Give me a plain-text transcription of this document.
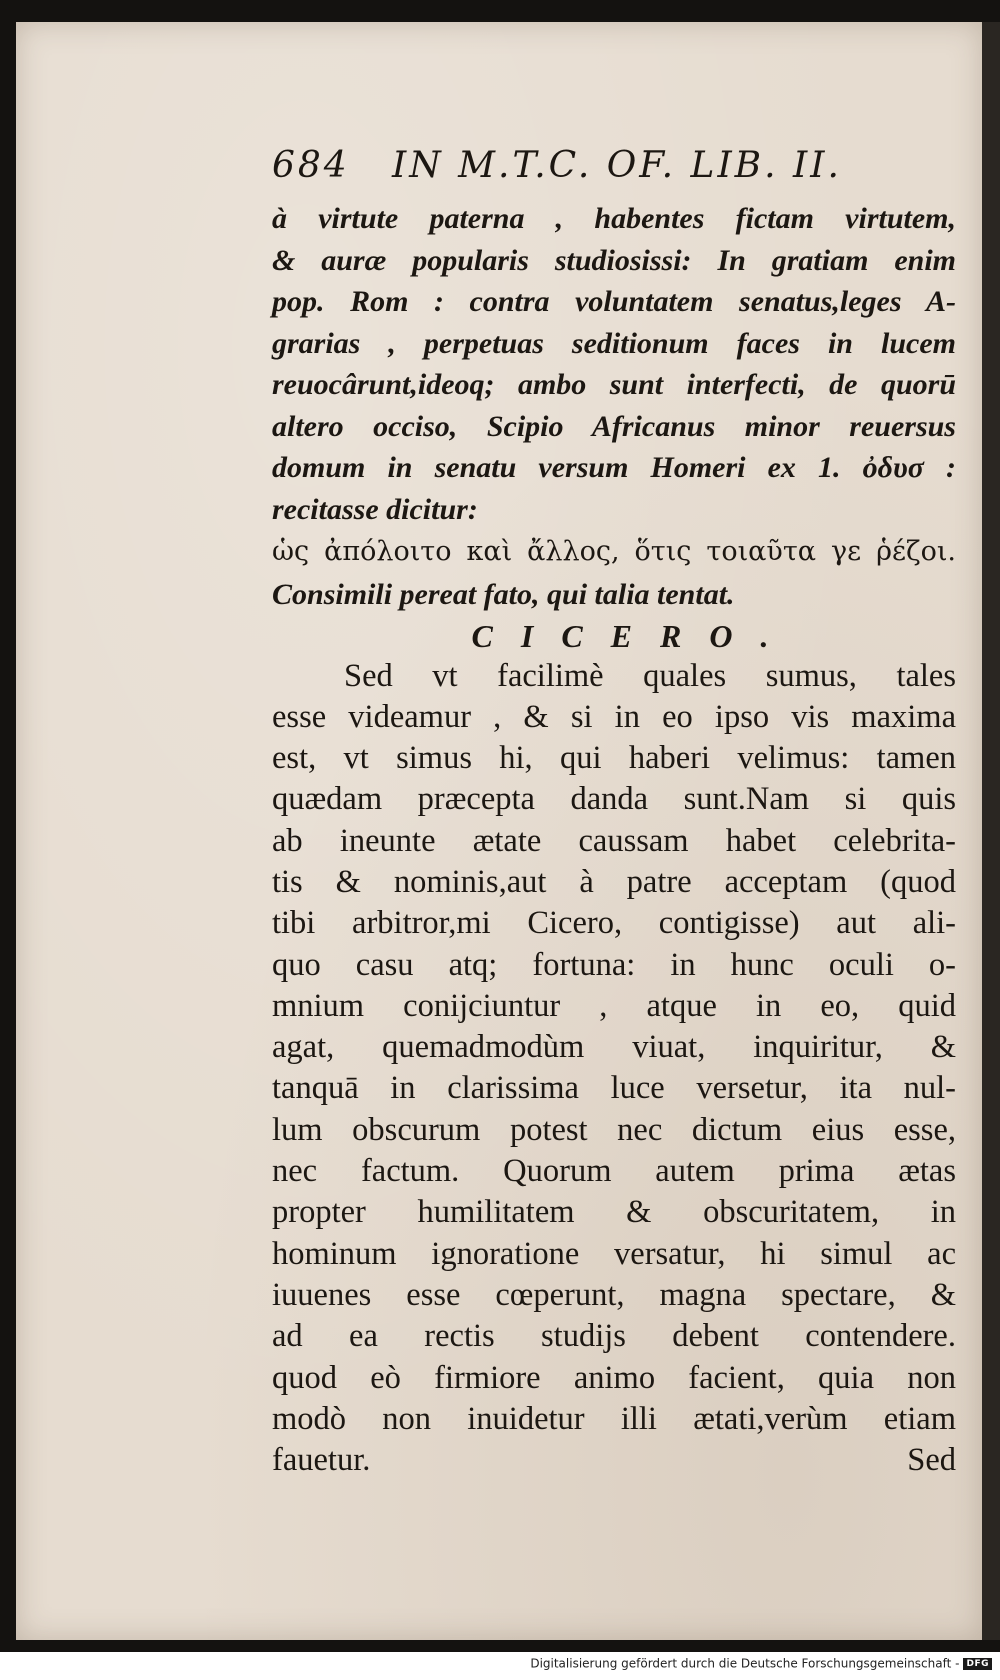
684 IN M.T.C. OF. LIB. II.
à virtute paterna , habentes fictam virtutem,
& auræ popularis studiosissi: In gratiam enim
pop. Rom : contra voluntatem senatus,leges A-
grarias , perpetuas seditionum faces in lucem
reuocârunt,ideoq; ambo sunt interfecti, de quorū
altero occiso, Scipio Africanus minor reuersus
domum in senatu versum Homeri ex 1. ὀδυσ :
recitasse dicitur:
ὡς ἀπόλοιτο καὶ ἄλλος, ὅτις τοιαῦτα γε ῥέζοι.
Consimili pereat fato, qui talia tentat.
CICERO.
Sed vt facilimè quales sumus, tales
esse videamur , & si in eo ipso vis maxima
est, vt simus hi, qui haberi velimus: tamen
quædam præcepta danda sunt.Nam si quis
ab ineunte ætate caussam habet celebrita-
tis & nominis,aut à patre acceptam (quod
tibi arbitror,mi Cicero, contigisse) aut ali-
quo casu atq; fortuna: in hunc oculi o-
mnium conijciuntur , atque in eo, quid
agat, quemadmodùm viuat, inquiritur, &
tanquā in clarissima luce versetur, ita nul-
lum obscurum potest nec dictum eius esse,
nec factum. Quorum autem prima ætas
propter humilitatem & obscuritatem, in
hominum ignoratione versatur, hi simul ac
iuuenes esse cœperunt, magna spectare, &
ad ea rectis studijs debent contendere.
quod eò firmiore animo facient, quia non
modò non inuidetur illi ætati,verùm etiam
fauetur.	Sed
Digitalisierung gefördert durch die Deutsche Forschungsgemeinschaft - DFG
